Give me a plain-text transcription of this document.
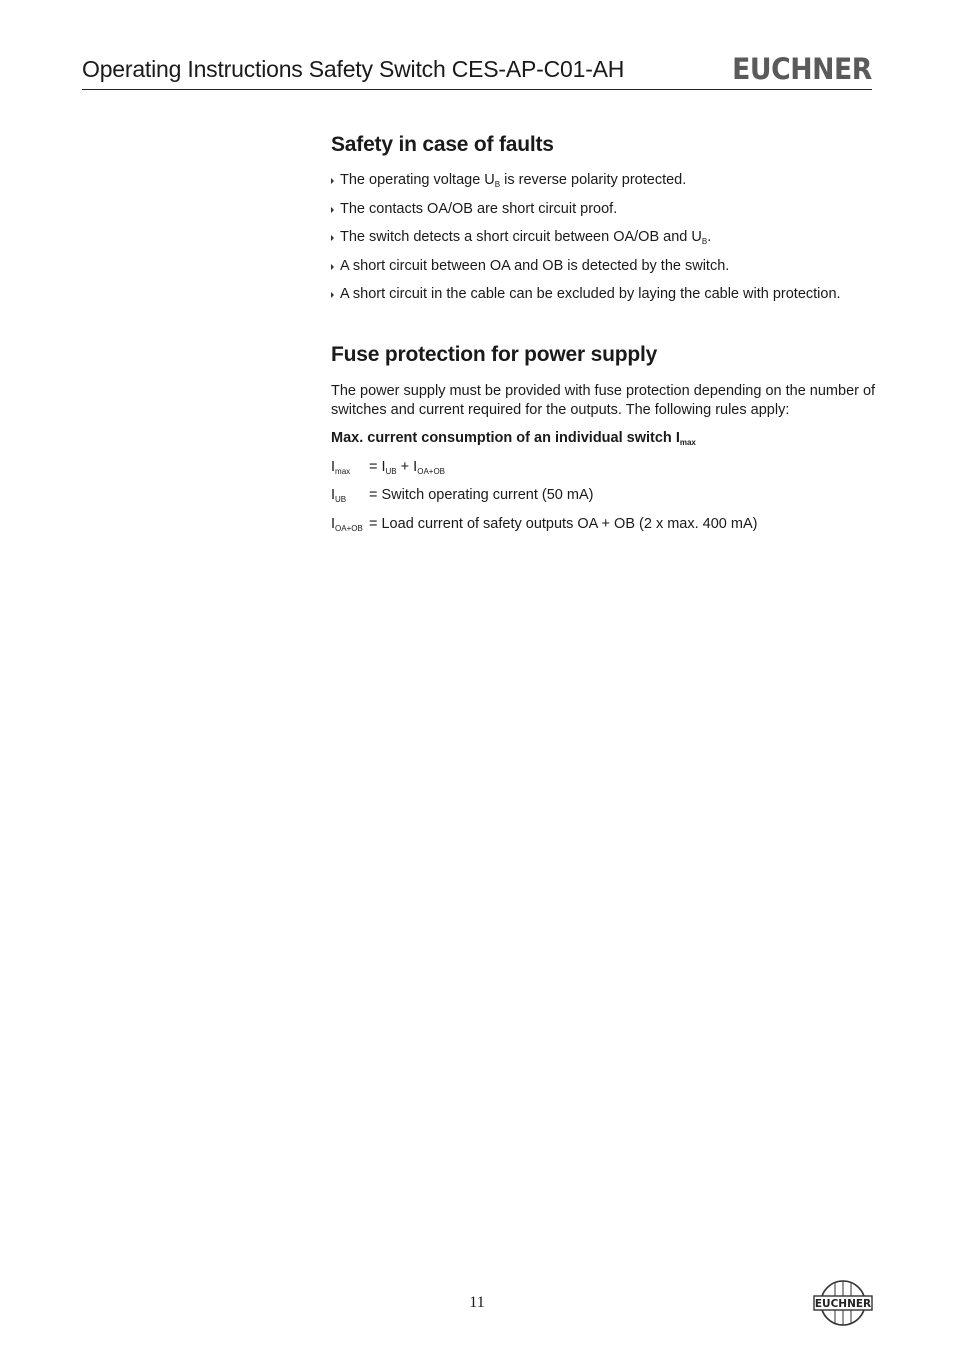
Operating Instructions Safety Switch CES-AP-C01-AH	EUCHNER
Safety in case of faults
The operating voltage $U_B$ is reverse polarity protected.
The contacts OA/OB are short circuit proof.
The switch detects a short circuit between OA/OB and $U_B$.
A short circuit between OA and OB is detected by the switch.
A short circuit in the cable can be excluded by laying the cable with protection.
Fuse protection for power supply

The power supply must be provided with fuse protection depending on the number of switches and current required for the outputs. The following rules apply:

Max. current consumption of an individual switch $I_{max}$
$I_{max} = I_{UB} + I_{OA+OB}$
$I_{UB}$ = Switch operating current (50 mA)
$I_{OA+OB}$ = Load current of safety outputs OA + OB (2 x max. 400 mA)
11	EUCHNER
